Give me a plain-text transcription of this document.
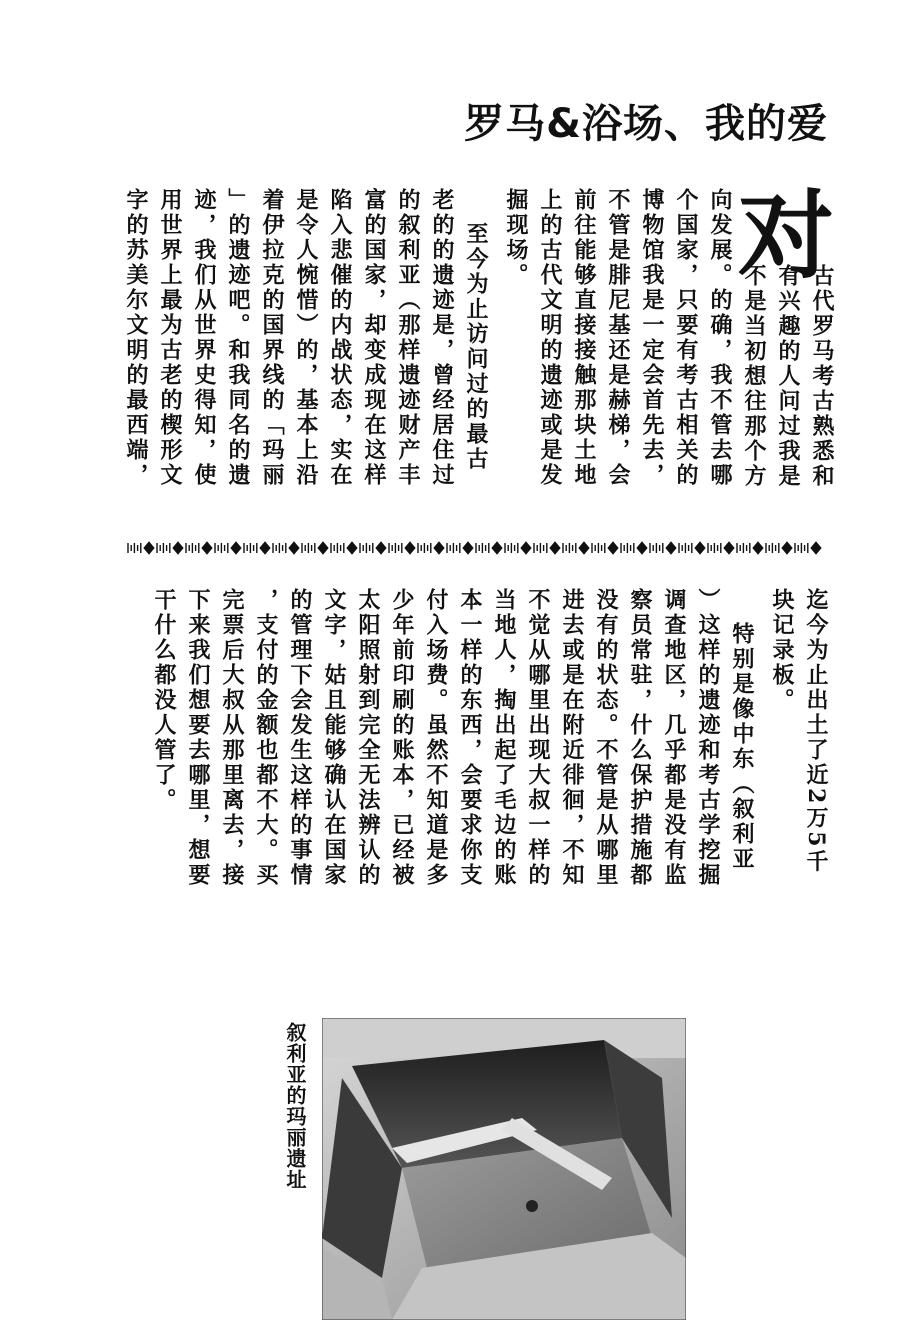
罗马&浴场、我的爱
对
古代罗马考古熟悉和
有兴趣的人问过我是
不是当初想往那个方
向发展。的确，我不管去哪
个国家，只要有考古相关的
博物馆我是一定会首先去，
不管是腓尼基还是赫梯，会
前往能够直接接触那块土地
上的古代文明的遗迹或是发
掘现场。
至今为止访问过的最古
老的的遗迹是，曾经居住过
的叙利亚（那样遗迹财产丰
富的国家，却变成现在这样
陷入悲催的内战状态，实在
是令人惋惜）的，基本上沿
着伊拉克的国界线的「玛丽
」的遗迹吧。和我同名的遗
迹，我们从世界史得知，使
用世界上最为古老的楔形文
字的苏美尔文明的最西端，
迄今为止出土了近2万5千
块记录板。
特别是像中东（叙利亚
）这样的遗迹和考古学挖掘
调查地区，几乎都是没有监
察员常驻，什么保护措施都
没有的状态。不管是从哪里
进去或是在附近徘徊，不知
不觉从哪里出现大叔一样的
当地人，掏出起了毛边的账
本一样的东西，会要求你支
付入场费。虽然不知道是多
少年前印刷的账本，已经被
太阳照射到完全无法辨认的
文字，姑且能够确认在国家
的管理下会发生这样的事情
，支付的金额也都不大。买
完票后大叔从那里离去，接
下来我们想要去哪里，想要
干什么都没人管了。
叙利亚的玛丽遗址
